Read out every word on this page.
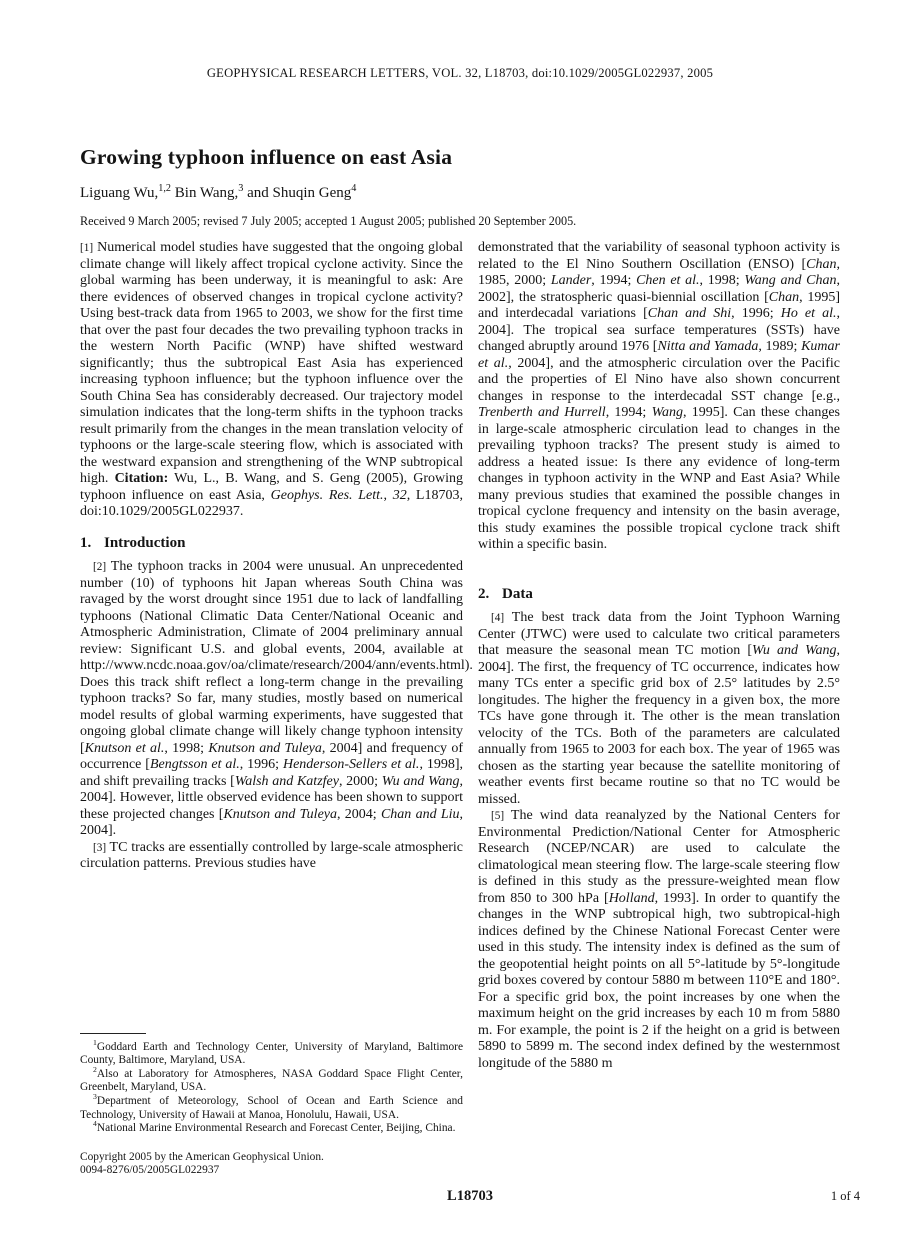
GEOPHYSICAL RESEARCH LETTERS, VOL. 32, L18703, doi:10.1029/2005GL022937, 2005
Growing typhoon influence on east Asia
Liguang Wu,$^{1,2}$ Bin Wang,$^3$ and Shuqin Geng$^4$
Received 9 March 2005; revised 7 July 2005; accepted 1 August 2005; published 20 September 2005.

[1] Numerical model studies have suggested that the ongoing global climate change will likely affect tropical cyclone activity. Since the global warming has been underway, it is meaningful to ask: Are there evidences of observed changes in tropical cyclone activity? Using best-track data from 1965 to 2003, we show for the first time that over the past four decades the two prevailing typhoon tracks in the western North Pacific (WNP) have shifted westward significantly; thus the subtropical East Asia has experienced increasing typhoon influence; but the typhoon influence over the South China Sea has considerably decreased. Our trajectory model simulation indicates that the long-term shifts in the typhoon tracks result primarily from the changes in the mean translation velocity of typhoons or the large-scale steering flow, which is associated with the westward expansion and strengthening of the WNP subtropical high. Citation: Wu, L., B. Wang, and S. Geng (2005), Growing typhoon influence on east Asia, Geophys. Res. Lett., 32, L18703, doi:10.1029/2005GL022937.

1. Introduction

[2] The typhoon tracks in 2004 were unusual. An unprecedented number (10) of typhoons hit Japan whereas South China was ravaged by the worst drought since 1951 due to lack of landfalling typhoons (National Climatic Data Center/National Oceanic and Atmospheric Administration, Climate of 2004 preliminary annual review: Significant U.S. and global events, 2004, available at http://www.ncdc.noaa.gov/oa/climate/research/2004/ann/events.html). Does this track shift reflect a long-term change in the prevailing typhoon tracks? So far, many studies, mostly based on numerical model results of global warming experiments, have suggested that ongoing global climate change will likely change typhoon intensity [Knutson et al., 1998; Knutson and Tuleya, 2004] and frequency of occurrence [Bengtsson et al., 1996; Henderson-Sellers et al., 1998], and shift prevailing tracks [Walsh and Katzfey, 2000; Wu and Wang, 2004]. However, little observed evidence has been shown to support these projected changes [Knutson and Tuleya, 2004; Chan and Liu, 2004].

[3] TC tracks are essentially controlled by large-scale atmospheric circulation patterns. Previous studies have

$^1$Goddard Earth and Technology Center, University of Maryland, Baltimore County, Baltimore, Maryland, USA.

$^2$Also at Laboratory for Atmospheres, NASA Goddard Space Flight Center, Greenbelt, Maryland, USA.

$^3$Department of Meteorology, School of Ocean and Earth Science and Technology, University of Hawaii at Manoa, Honolulu, Hawaii, USA.

$^4$National Marine Environmental Research and Forecast Center, Beijing, China.

Copyright 2005 by the American Geophysical Union.

0094-8276/05/2005GL022937

demonstrated that the variability of seasonal typhoon activity is related to the El Nino Southern Oscillation (ENSO) [Chan, 1985, 2000; Lander, 1994; Chen et al., 1998; Wang and Chan, 2002], the stratospheric quasi-biennial oscillation [Chan, 1995] and interdecadal variations [Chan and Shi, 1996; Ho et al., 2004]. The tropical sea surface temperatures (SSTs) have changed abruptly around 1976 [Nitta and Yamada, 1989; Kumar et al., 2004], and the atmospheric circulation over the Pacific and the properties of El Nino have also shown concurrent changes in response to the interdecadal SST change [e.g., Trenberth and Hurrell, 1994; Wang, 1995]. Can these changes in large-scale atmospheric circulation lead to changes in the prevailing typhoon tracks? The present study is aimed to address a heated issue: Is there any evidence of long-term changes in typhoon activity in the WNP and East Asia? While many previous studies that examined the possible changes in tropical cyclone frequency and intensity on the basin average, this study examines the possible tropical cyclone track shift within a specific basin.

2. Data

[4] The best track data from the Joint Typhoon Warning Center (JTWC) were used to calculate two critical parameters that measure the seasonal mean TC motion [Wu and Wang, 2004]. The first, the frequency of TC occurrence, indicates how many TCs enter a specific grid box of 2.5° latitudes by 2.5° longitudes. The higher the frequency in a given box, the more TCs have gone through it. The other is the mean translation velocity of the TCs. Both of the parameters are calculated annually from 1965 to 2003 for each box. The year of 1965 was chosen as the starting year because the satellite monitoring of weather events first became routine so that no TC would be missed.

[5] The wind data reanalyzed by the National Centers for Environmental Prediction/National Center for Atmospheric Research (NCEP/NCAR) are used to calculate the climatological mean steering flow. The large-scale steering flow is defined in this study as the pressure-weighted mean flow from 850 to 300 hPa [Holland, 1993]. In order to quantify the changes in the WNP subtropical high, two subtropical-high indices defined by the Chinese National Forecast Center were used in this study. The intensity index is defined as the sum of the geopotential height points on all 5°-latitude by 5°-longitude grid boxes covered by contour 5880 m between 110°E and 180°. For a specific grid box, the point increases by one when the maximum height on the grid increases by each 10 m from 5880 m. For example, the point is 2 if the height on a grid is between 5890 to 5899 m. The second index defined by the westernmost longitude of the 5880 m

L18703	1 of 4
